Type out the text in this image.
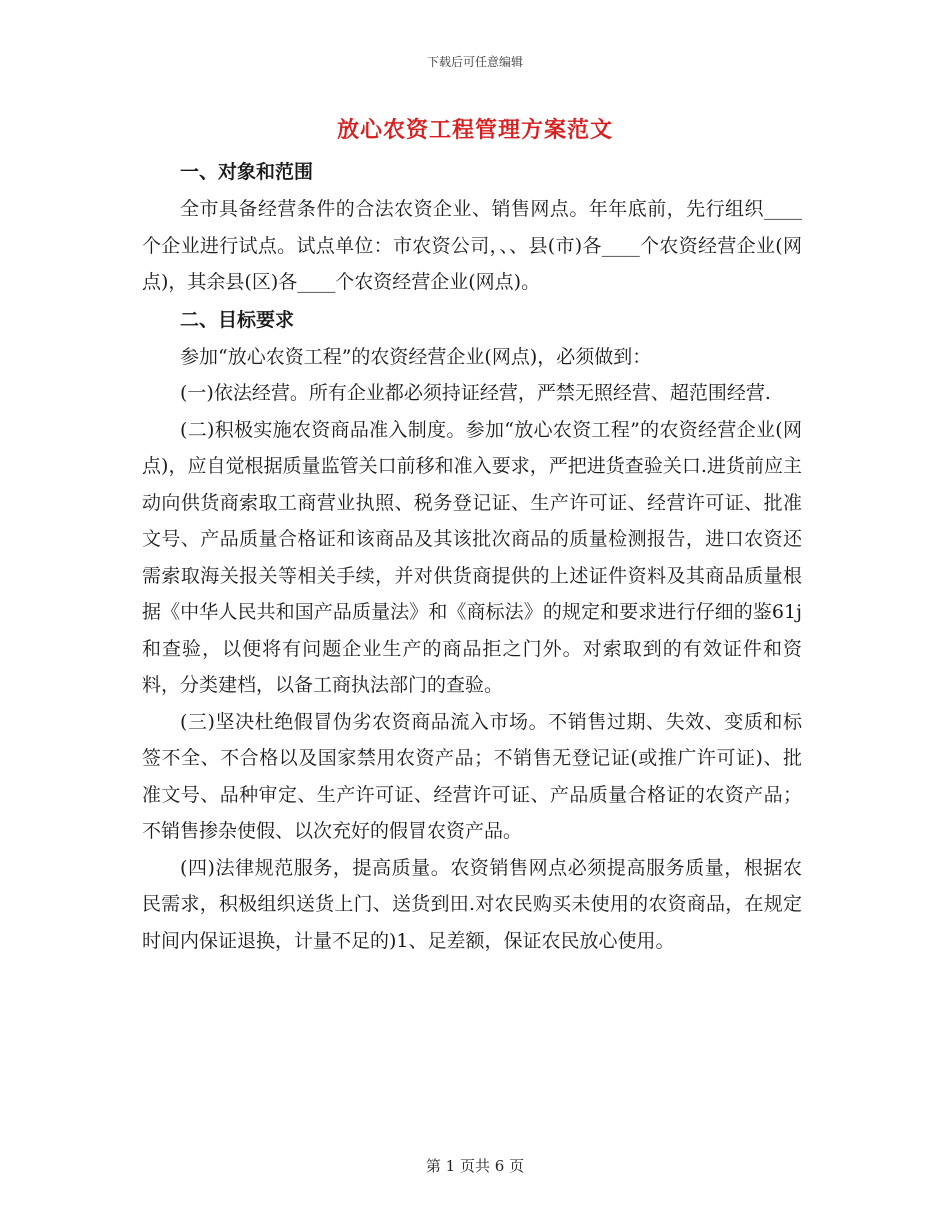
下载后可任意编辑
放心农资工程管理方案范文
一、对象和范围

全市具备经营条件的合法农资企业、销售网点。年年底前，先行组织____个企业进行试点。试点单位：市农资公司，、、县(市)各____个农资经营企业(网点)，其余县(区)各____个农资经营企业(网点)。

二、目标要求

参加“放心农资工程”的农资经营企业(网点)，必须做到：

(一)依法经营。所有企业都必须持证经营，严禁无照经营、超范围经营.

(二)积极实施农资商品准入制度。参加“放心农资工程”的农资经营企业(网点)，应自觉根据质量监管关口前移和准入要求，严把进货查验关口.进货前应主动向供货商索取工商营业执照、税务登记证、生产许可证、经营许可证、批准文号、产品质量合格证和该商品及其该批次商品的质量检测报告，进口农资还需索取海关报关等相关手续，并对供货商提供的上述证件资料及其商品质量根据《中华人民共和国产品质量法》和《商标法》的规定和要求进行仔细的鉴61j和查验，以便将有问题企业生产的商品拒之门外。对索取到的有效证件和资料，分类建档，以备工商执法部门的查验。

(三)坚决杜绝假冒伪劣农资商品流入市场。不销售过期、失效、变质和标签不全、不合格以及国家禁用农资产品；不销售无登记证(或推广许可证)、批准文号、品种审定、生产许可证、经营许可证、产品质量合格证的农资产品；不销售掺杂使假、以次充好的假冒农资产品。

(四)法律规范服务，提高质量。农资销售网点必须提高服务质量，根据农民需求，积极组织送货上门、送货到田.对农民购买未使用的农资商品，在规定时间内保证退换，计量不足的)1、足差额，保证农民放心使用。

第 1 页共 6 页
